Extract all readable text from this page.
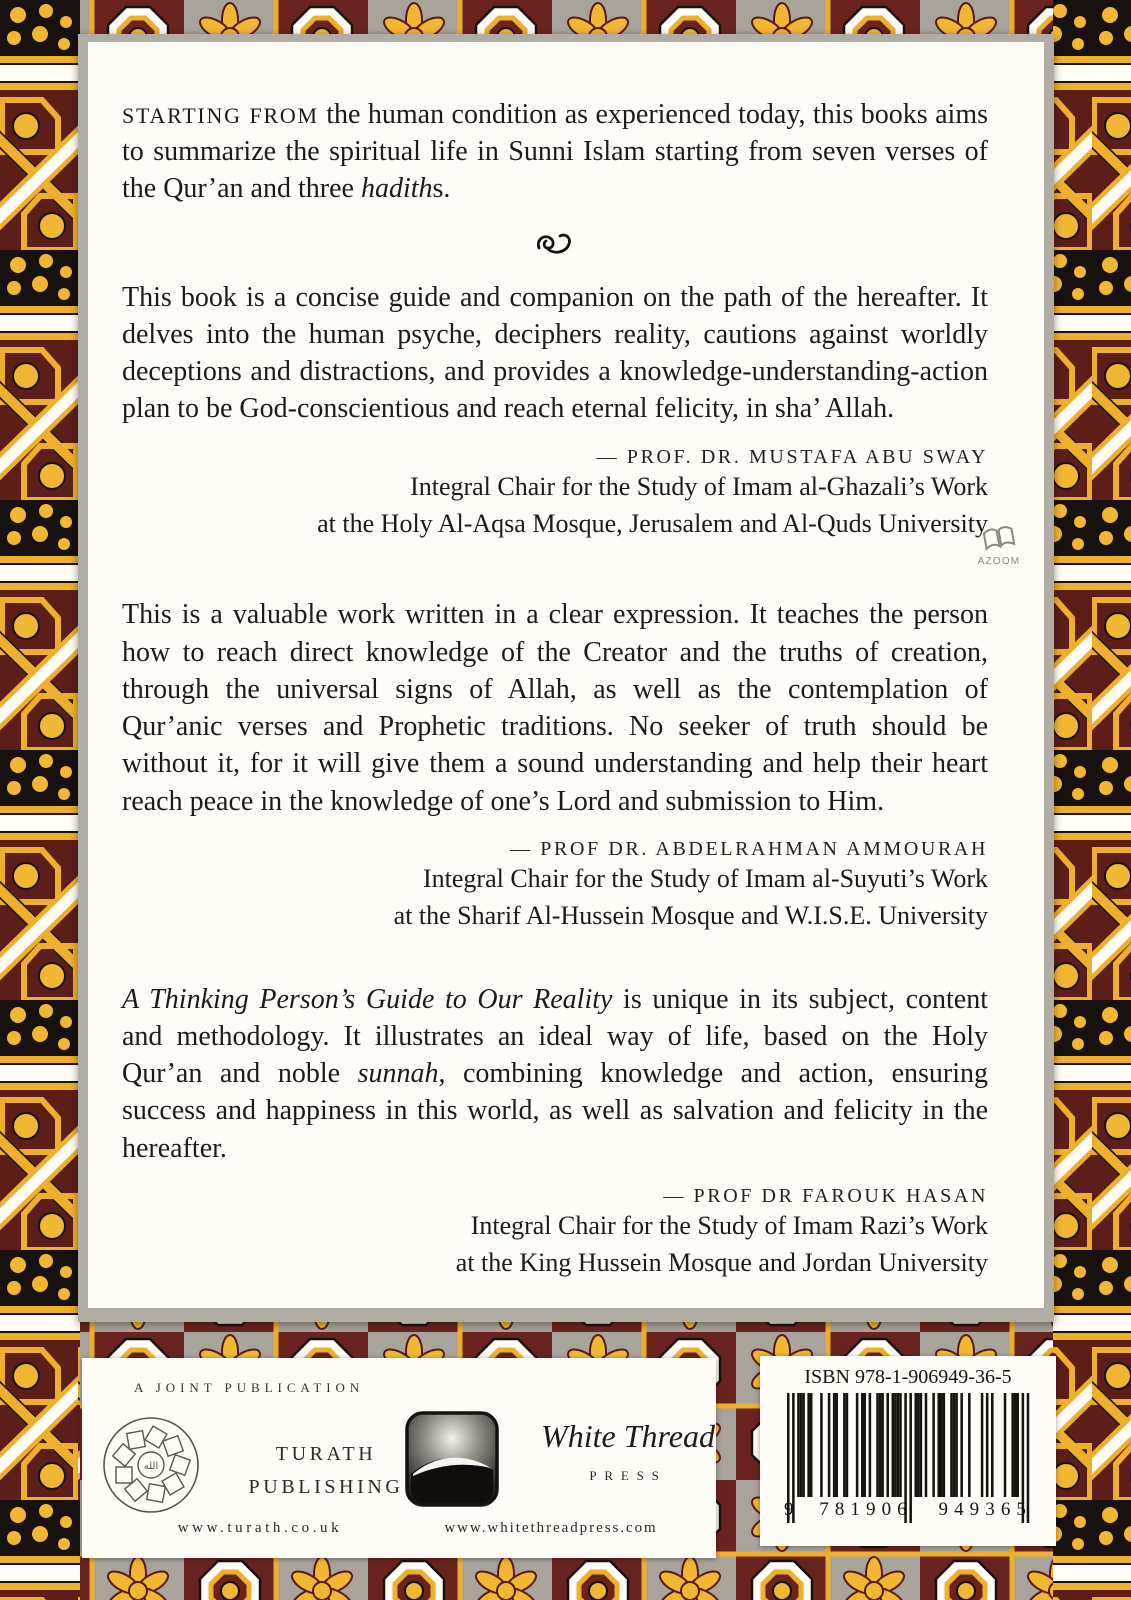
STARTING FROM the human condition as experienced today, this books aims to summarize the spiritual life in Sunni Islam starting from seven verses of the Qur’an and three hadiths.

This book is a concise guide and companion on the path of the hereafter. It delves into the human psyche, deciphers reality, cautions against worldly deceptions and distractions, and provides a knowledge-understanding-action plan to be God-conscientious and reach eternal felicity, in sha’ Allah.

— PROF. DR. MUSTAFA ABU SWAY
Integral Chair for the Study of Imam al-Ghazali’s Work
at the Holy Al-Aqsa Mosque, Jerusalem and Al-Quds University

This is a valuable work written in a clear expression. It teaches the person how to reach direct knowledge of the Creator and the truths of creation, through the universal signs of Allah, as well as the contemplation of Qur’anic verses and Prophetic traditions. No seeker of truth should be without it, for it will give them a sound understanding and help their heart reach peace in the knowledge of one’s Lord and submission to Him.

— PROF DR. ABDELRAHMAN AMMOURAH
Integral Chair for the Study of Imam al-Suyuti’s Work
at the Sharif Al-Hussein Mosque and W.I.S.E. University

A Thinking Person’s Guide to Our Reality is unique in its subject, content and methodology. It illustrates an ideal way of life, based on the Holy Qur’an and noble sunnah, combining knowledge and action, ensuring success and happiness in this world, as well as salvation and felicity in the hereafter.

— PROF DR FAROUK HASAN
Integral Chair for the Study of Imam Razi’s Work
at the King Hussein Mosque and Jordan University
AZOOM
A JOINT PUBLICATION
الله
TURATH
PUBLISHING
www.turath.co.uk
White Thread
PRESS
www.whitethreadpress.com
ISBN 978-1-906949-36-5
9 781906 949365
